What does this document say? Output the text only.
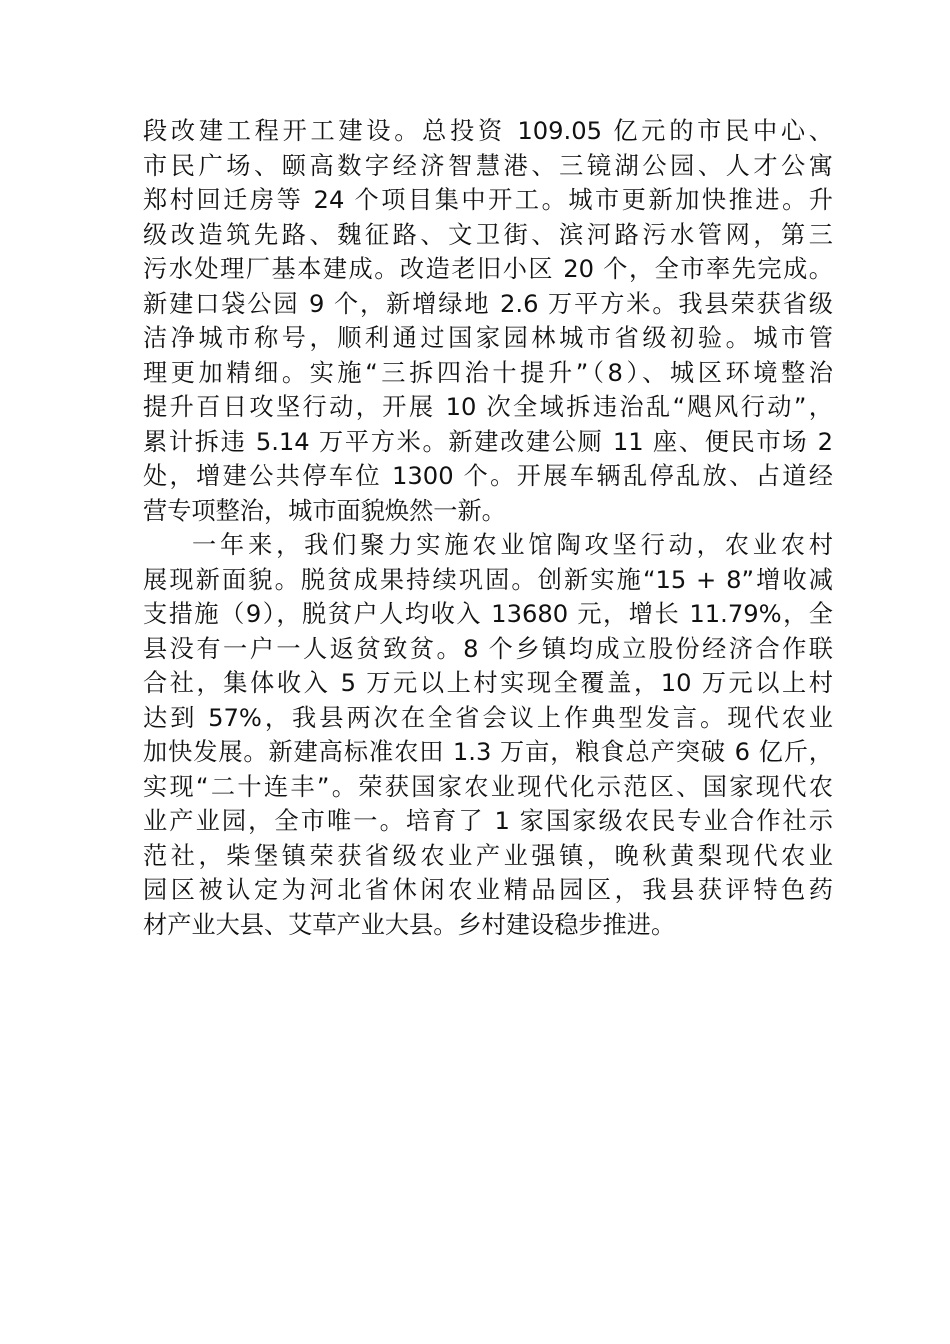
段改建工程开工建设。总投资 109.05 亿元的市民中心、
市民广场、颐高数字经济智慧港、三镜湖公园、人才公寓
郑村回迁房等 24 个项目集中开工。城市更新加快推进。升
级改造筑先路、魏征路、文卫街、滨河路污水管网，第三
污水处理厂基本建成。改造老旧小区 20 个，全市率先完成。
新建口袋公园 9 个，新增绿地 2.6 万平方米。我县荣获省级
洁净城市称号，顺利通过国家园林城市省级初验。城市管
理更加精细。实施“三拆四治十提升”（8）、城区环境整治
提升百日攻坚行动，开展 10 次全域拆违治乱“飓风行动”，
累计拆违 5.14 万平方米。新建改建公厕 11 座、便民市场 2
处，增建公共停车位 1300 个。开展车辆乱停乱放、占道经
营专项整治，城市面貌焕然一新。
一年来，我们聚力实施农业馆陶攻坚行动，农业农村
展现新面貌。脱贫成果持续巩固。创新实施“15 + 8”增收减
支措施（9），脱贫户人均收入 13680 元，增长 11.79%，全
县没有一户一人返贫致贫。8 个乡镇均成立股份经济合作联
合社，集体收入 5 万元以上村实现全覆盖，10 万元以上村
达到 57%，我县两次在全省会议上作典型发言。现代农业
加快发展。新建高标准农田 1.3 万亩，粮食总产突破 6 亿斤，
实现“二十连丰”。荣获国家农业现代化示范区、国家现代农
业产业园，全市唯一。培育了 1 家国家级农民专业合作社示
范社，柴堡镇荣获省级农业产业强镇，晚秋黄梨现代农业
园区被认定为河北省休闲农业精品园区，我县获评特色药
材产业大县、艾草产业大县。乡村建设稳步推进。
